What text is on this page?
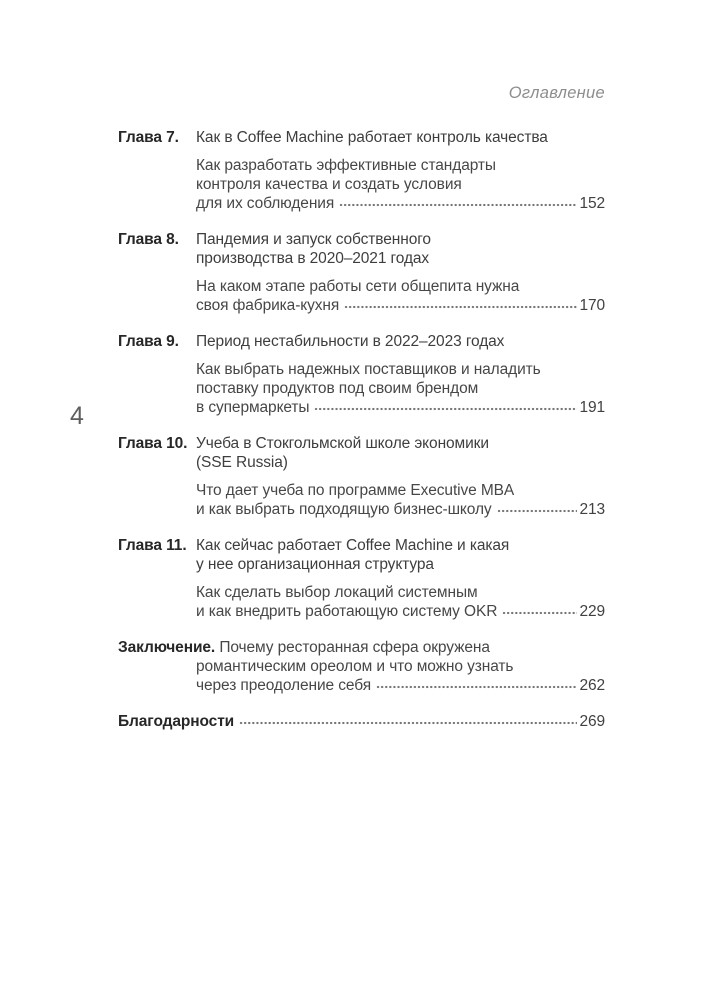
Оглавление
4
Глава 7.	Как в Coffee Machine работает контроль качества
Как разработать эффективные стандарты
контроля качества и создать условия
для их соблюдения	152
Глава 8.	Пандемия и запуск собственного
производства в 2020–2021 годах
На каком этапе работы сети общепита нужна
своя фабрика-кухня	170
Глава 9.	Период нестабильности в 2022–2023 годах
Как выбрать надежных поставщиков и наладить
поставку продуктов под своим брендом
в супермаркеты	191
Глава 10. Учеба в Стокгольмской школе экономики
(SSE Russia)
Что дает учеба по программе Executive MBA
и как выбрать подходящую бизнес-школу	213
Глава 11. Как сейчас работает Coffee Machine и какая
у нее организационная структура
Как сделать выбор локаций системным
и как внедрить работающую систему OKR	229
Заключение. Почему ресторанная сфера окружена
романтическим ореолом и что можно узнать
через преодоление себя	262
Благодарности	269
